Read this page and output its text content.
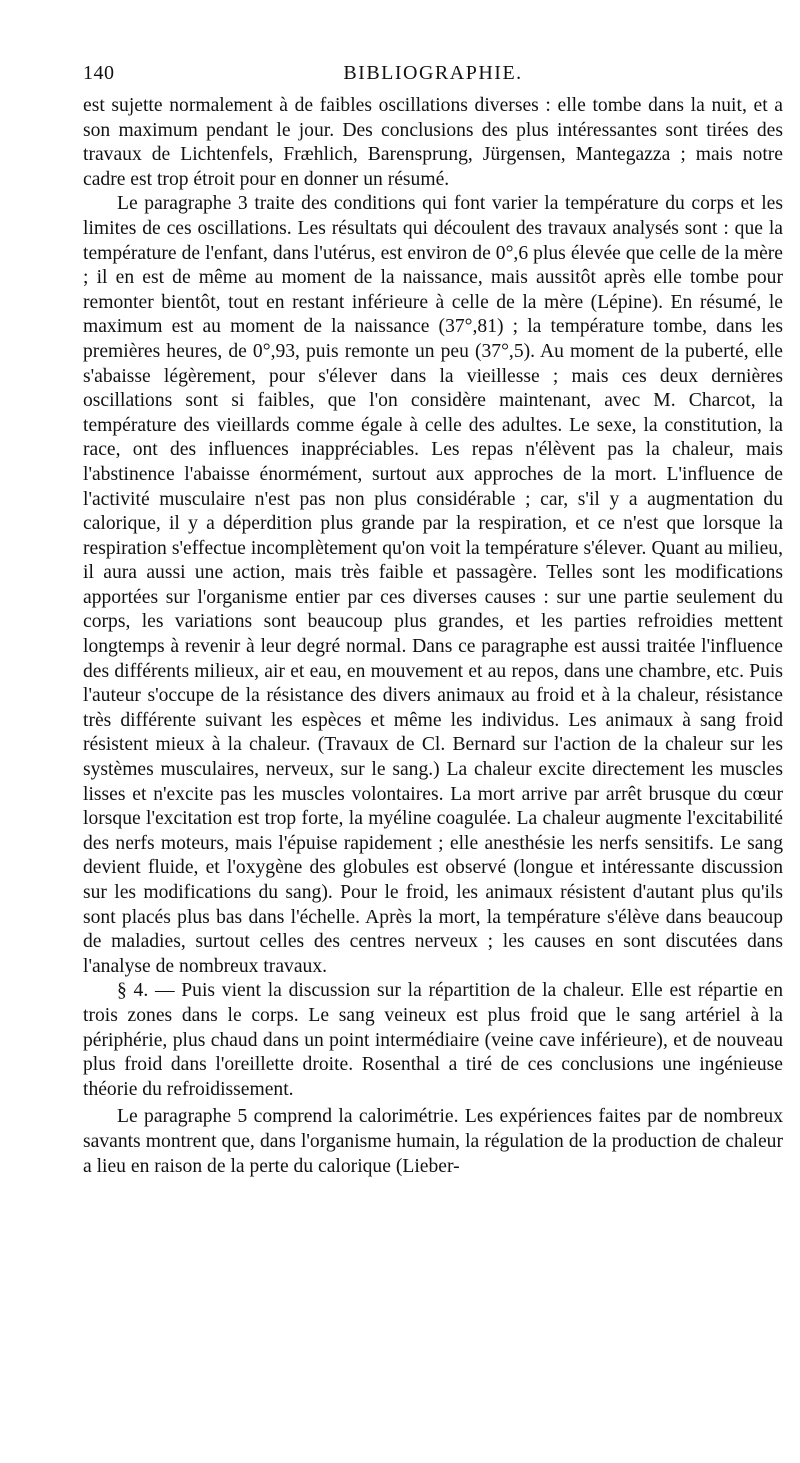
140	BIBLIOGRAPHIE.

est sujette normalement à de faibles oscillations diverses : elle tombe dans la nuit, et a son maximum pendant le jour. Des conclusions des plus intéressantes sont tirées des travaux de Lichtenfels, Fræhlich, Barensprung, Jürgensen, Mantegazza ; mais notre cadre est trop étroit pour en donner un résumé.

Le paragraphe 3 traite des conditions qui font varier la température du corps et les limites de ces oscillations. Les résultats qui découlent des travaux analysés sont : que la température de l'enfant, dans l'utérus, est environ de 0°,6 plus élevée que celle de la mère ; il en est de même au moment de la naissance, mais aussitôt après elle tombe pour remonter bientôt, tout en restant inférieure à celle de la mère (Lépine). En résumé, le maximum est au moment de la naissance (37°,81) ; la température tombe, dans les premières heures, de 0°,93, puis remonte un peu (37°,5). Au moment de la puberté, elle s'abaisse légèrement, pour s'élever dans la vieillesse ; mais ces deux dernières oscillations sont si faibles, que l'on considère maintenant, avec M. Charcot, la température des vieillards comme égale à celle des adultes. Le sexe, la constitution, la race, ont des influences inappréciables. Les repas n'élèvent pas la chaleur, mais l'abstinence l'abaisse énormément, surtout aux approches de la mort. L'influence de l'activité musculaire n'est pas non plus considérable ; car, s'il y a augmentation du calorique, il y a déperdition plus grande par la respiration, et ce n'est que lorsque la respiration s'effectue incomplètement qu'on voit la température s'élever. Quant au milieu, il aura aussi une action, mais très faible et passagère. Telles sont les modifications apportées sur l'organisme entier par ces diverses causes : sur une partie seulement du corps, les variations sont beaucoup plus grandes, et les parties refroidies mettent longtemps à revenir à leur degré normal. Dans ce paragraphe est aussi traitée l'influence des différents milieux, air et eau, en mouvement et au repos, dans une chambre, etc. Puis l'auteur s'occupe de la résistance des divers animaux au froid et à la chaleur, résistance très différente suivant les espèces et même les individus. Les animaux à sang froid résistent mieux à la chaleur. (Travaux de Cl. Bernard sur l'action de la chaleur sur les systèmes musculaires, nerveux, sur le sang.) La chaleur excite directement les muscles lisses et n'excite pas les muscles volontaires. La mort arrive par arrêt brusque du cœur lorsque l'excitation est trop forte, la myéline coagulée. La chaleur augmente l'excitabilité des nerfs moteurs, mais l'épuise rapidement ; elle anesthésie les nerfs sensitifs. Le sang devient fluide, et l'oxygène des globules est observé (longue et intéressante discussion sur les modifications du sang). Pour le froid, les animaux résistent d'autant plus qu'ils sont placés plus bas dans l'échelle. Après la mort, la température s'élève dans beaucoup de maladies, surtout celles des centres nerveux ; les causes en sont discutées dans l'analyse de nombreux travaux.

§ 4. — Puis vient la discussion sur la répartition de la chaleur. Elle est répartie en trois zones dans le corps. Le sang veineux est plus froid que le sang artériel à la périphérie, plus chaud dans un point intermédiaire (veine cave inférieure), et de nouveau plus froid dans l'oreillette droite. Rosenthal a tiré de ces conclusions une ingénieuse théorie du refroidissement.

Le paragraphe 5 comprend la calorimétrie. Les expériences faites par de nombreux savants montrent que, dans l'organisme humain, la régulation de la production de chaleur a lieu en raison de la perte du calorique (Lieber-
